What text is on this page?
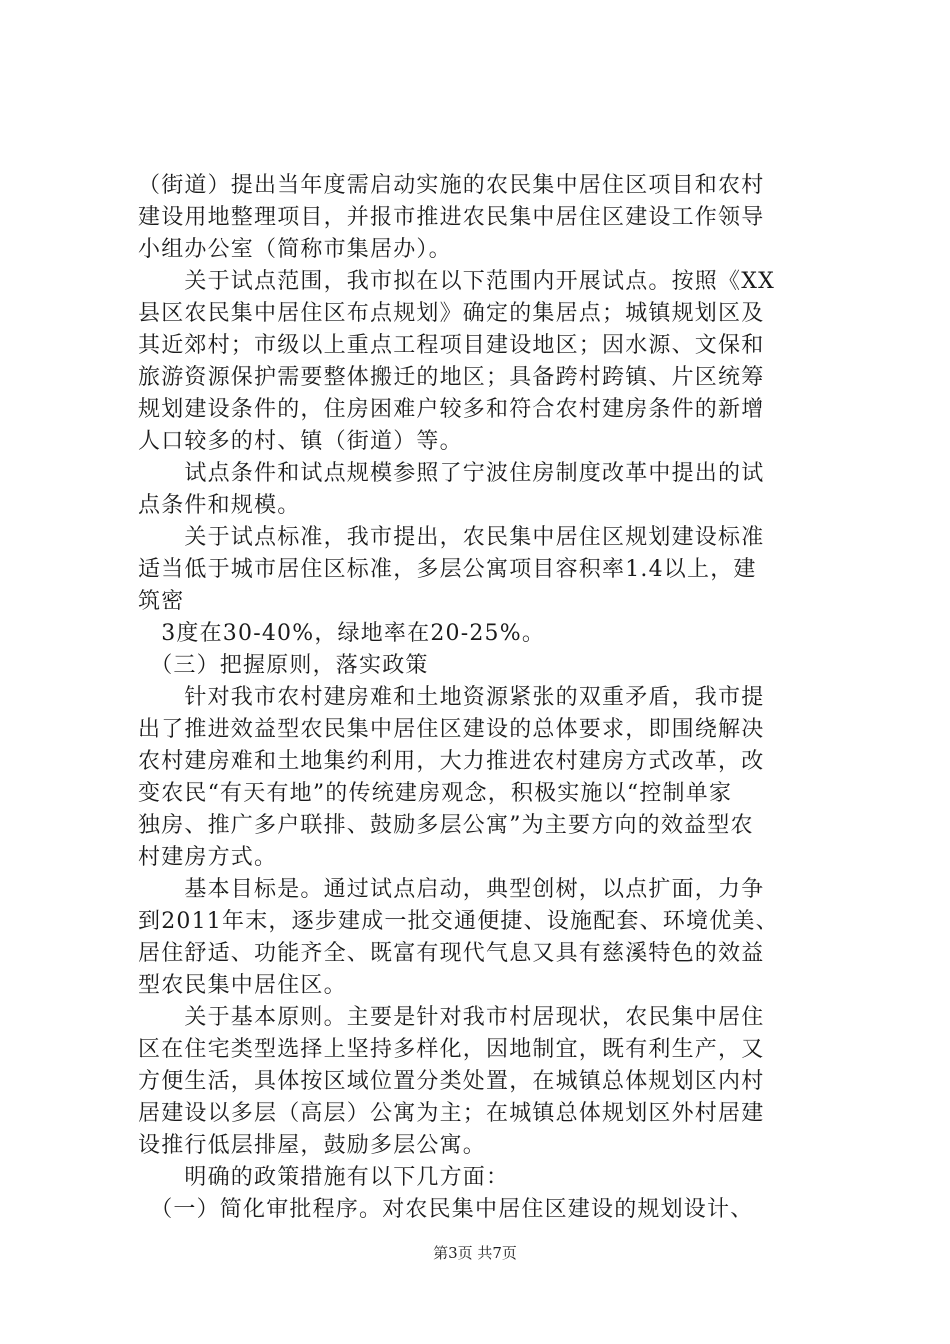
（街道）提出当年度需启动实施的农民集中居住区项目和农村
建设用地整理项目，并报市推进农民集中居住区建设工作领导
小组办公室（简称市集居办）。
　　关于试点范围，我市拟在以下范围内开展试点。按照《XX
县区农民集中居住区布点规划》确定的集居点；城镇规划区及
其近郊村；市级以上重点工程项目建设地区；因水源、文保和
旅游资源保护需要整体搬迁的地区；具备跨村跨镇、片区统筹
规划建设条件的，住房困难户较多和符合农村建房条件的新增
人口较多的村、镇（街道）等。
　　试点条件和试点规模参照了宁波住房制度改革中提出的试
点条件和规模。
　　关于试点标准，我市提出，农民集中居住区规划建设标准
适当低于城市居住区标准，多层公寓项目容积率1.4以上，建
筑密
　3度在30-40%，绿地率在20-25%。
　（三）把握原则，落实政策
　　针对我市农村建房难和土地资源紧张的双重矛盾，我市提
出了推进效益型农民集中居住区建设的总体要求，即围绕解决
农村建房难和土地集约利用，大力推进农村建房方式改革，改
变农民“有天有地”的传统建房观念，积极实施以“控制单家
独房、推广多户联排、鼓励多层公寓”为主要方向的效益型农
村建房方式。
　　基本目标是。通过试点启动，典型创树，以点扩面，力争
到2011年末，逐步建成一批交通便捷、设施配套、环境优美、
居住舒适、功能齐全、既富有现代气息又具有慈溪特色的效益
型农民集中居住区。
　　关于基本原则。主要是针对我市村居现状，农民集中居住
区在住宅类型选择上坚持多样化，因地制宜，既有利生产，又
方便生活，具体按区域位置分类处置，在城镇总体规划区内村
居建设以多层（高层）公寓为主；在城镇总体规划区外村居建
设推行低层排屋，鼓励多层公寓。
　　明确的政策措施有以下几方面：
　（一）简化审批程序。对农民集中居住区建设的规划设计、
第3页 共7页
